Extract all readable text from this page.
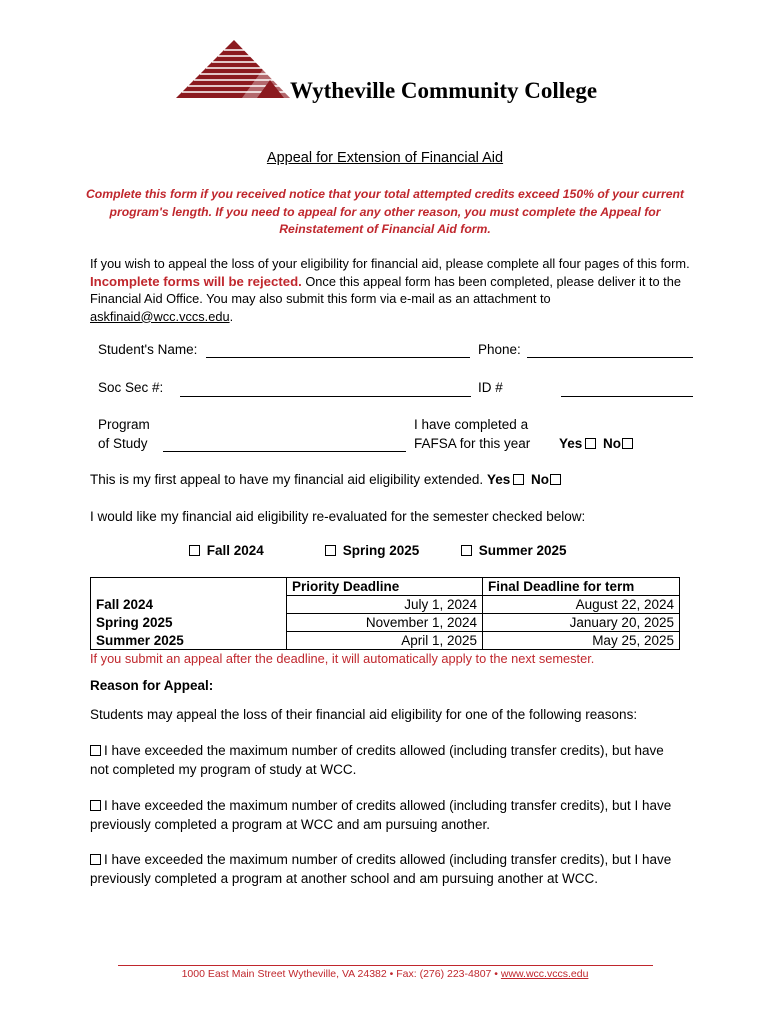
Wytheville Community College
Appeal for Extension of Financial Aid
Complete this form if you received notice that your total attempted credits exceed 150% of your current program's length. If you need to appeal for any other reason, you must complete the Appeal for Reinstatement of Financial Aid form.
If you wish to appeal the loss of your eligibility for financial aid, please complete all four pages of this form. Incomplete forms will be rejected. Once this appeal form has been completed, please deliver it to the Financial Aid Office. You may also submit this form via e-mail as an attachment to askfinaid@wcc.vccs.edu.
Student's Name:	Phone:
Soc Sec #:	ID #
Program
of Study
I have completed a
FAFSA for this year Yes No
This is my first appeal to have my financial aid eligibility extended. Yes No
I would like my financial aid eligibility re-evaluated for the semester checked below:
Fall 2024	Spring 2025	Summer 2025
	Priority Deadline	Final Deadline for term
Fall 2024	July 1, 2024	August 22, 2024
Spring 2025	November 1, 2024	January 20, 2025
Summer 2025	April 1, 2025	May 25, 2025
If you submit an appeal after the deadline, it will automatically apply to the next semester.
Reason for Appeal:
Students may appeal the loss of their financial aid eligibility for one of the following reasons:
I have exceeded the maximum number of credits allowed (including transfer credits), but have not completed my program of study at WCC.
I have exceeded the maximum number of credits allowed (including transfer credits), but I have previously completed a program at WCC and am pursuing another.
I have exceeded the maximum number of credits allowed (including transfer credits), but I have previously completed a program at another school and am pursuing another at WCC.
1000 East Main Street Wytheville, VA 24382 • Fax: (276) 223-4807 • www.wcc.vccs.edu
